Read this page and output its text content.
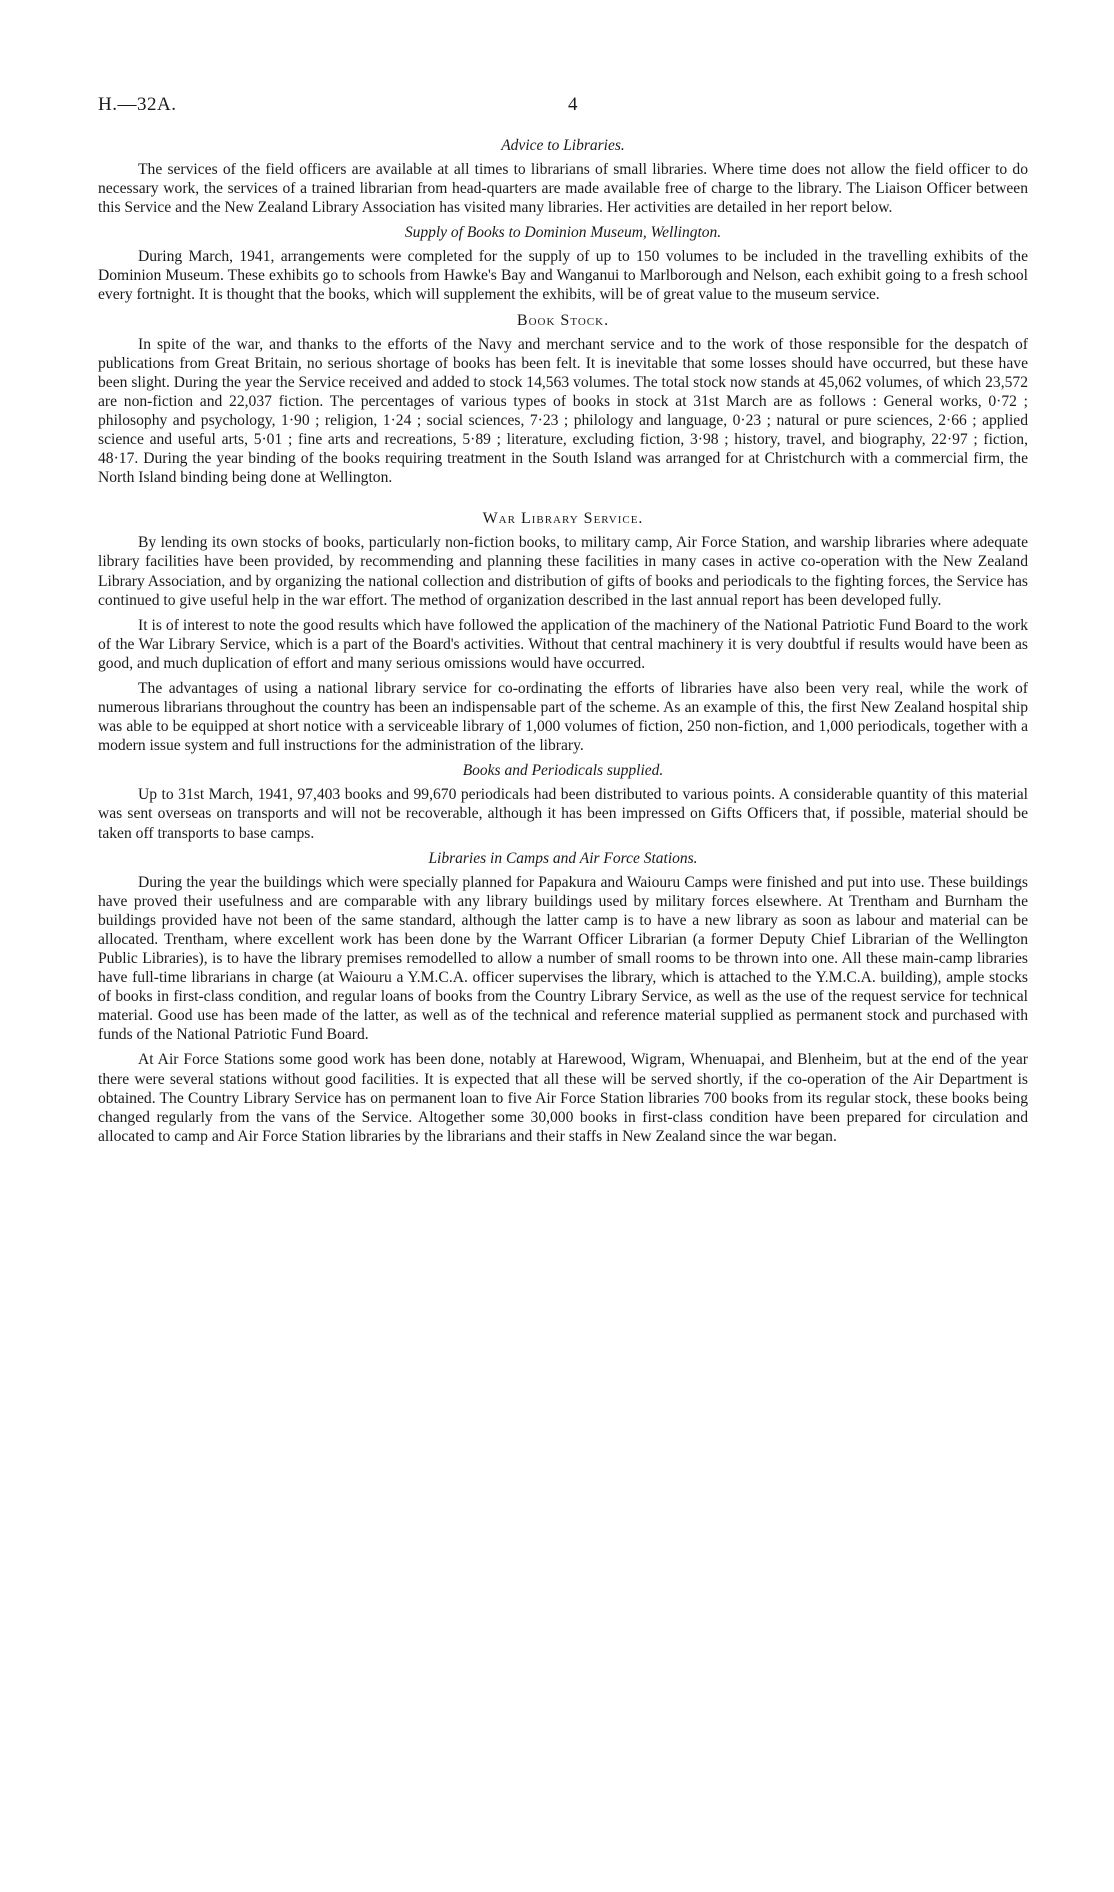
H.—32A.	4
Advice to Libraries.

The services of the field officers are available at all times to librarians of small libraries. Where time does not allow the field officer to do necessary work, the services of a trained librarian from head-quarters are made available free of charge to the library. The Liaison Officer between this Service and the New Zealand Library Association has visited many libraries. Her activities are detailed in her report below.

Supply of Books to Dominion Museum, Wellington.

During March, 1941, arrangements were completed for the supply of up to 150 volumes to be included in the travelling exhibits of the Dominion Museum. These exhibits go to schools from Hawke's Bay and Wanganui to Marlborough and Nelson, each exhibit going to a fresh school every fortnight. It is thought that the books, which will supplement the exhibits, will be of great value to the museum service.

Book Stock.

In spite of the war, and thanks to the efforts of the Navy and merchant service and to the work of those responsible for the despatch of publications from Great Britain, no serious shortage of books has been felt. It is inevitable that some losses should have occurred, but these have been slight. During the year the Service received and added to stock 14,563 volumes. The total stock now stands at 45,062 volumes, of which 23,572 are non-fiction and 22,037 fiction. The percentages of various types of books in stock at 31st March are as follows : General works, 0·72 ; philosophy and psychology, 1·90 ; religion, 1·24 ; social sciences, 7·23 ; philology and language, 0·23 ; natural or pure sciences, 2·66 ; applied science and useful arts, 5·01 ; fine arts and recreations, 5·89 ; literature, excluding fiction, 3·98 ; history, travel, and biography, 22·97 ; fiction, 48·17. During the year binding of the books requiring treatment in the South Island was arranged for at Christchurch with a commercial firm, the North Island binding being done at Wellington.

War Library Service.

By lending its own stocks of books, particularly non-fiction books, to military camp, Air Force Station, and warship libraries where adequate library facilities have been provided, by recommending and planning these facilities in many cases in active co-operation with the New Zealand Library Association, and by organizing the national collection and distribution of gifts of books and periodicals to the fighting forces, the Service has continued to give useful help in the war effort. The method of organization described in the last annual report has been developed fully.

It is of interest to note the good results which have followed the application of the machinery of the National Patriotic Fund Board to the work of the War Library Service, which is a part of the Board's activities. Without that central machinery it is very doubtful if results would have been as good, and much duplication of effort and many serious omissions would have occurred.

The advantages of using a national library service for co-ordinating the efforts of libraries have also been very real, while the work of numerous librarians throughout the country has been an indispensable part of the scheme. As an example of this, the first New Zealand hospital ship was able to be equipped at short notice with a serviceable library of 1,000 volumes of fiction, 250 non-fiction, and 1,000 periodicals, together with a modern issue system and full instructions for the administration of the library.

Books and Periodicals supplied.

Up to 31st March, 1941, 97,403 books and 99,670 periodicals had been distributed to various points. A considerable quantity of this material was sent overseas on transports and will not be recoverable, although it has been impressed on Gifts Officers that, if possible, material should be taken off transports to base camps.

Libraries in Camps and Air Force Stations.

During the year the buildings which were specially planned for Papakura and Waiouru Camps were finished and put into use. These buildings have proved their usefulness and are comparable with any library buildings used by military forces elsewhere. At Trentham and Burnham the buildings provided have not been of the same standard, although the latter camp is to have a new library as soon as labour and material can be allocated. Trentham, where excellent work has been done by the Warrant Officer Librarian (a former Deputy Chief Librarian of the Wellington Public Libraries), is to have the library premises remodelled to allow a number of small rooms to be thrown into one. All these main-camp libraries have full-time librarians in charge (at Waiouru a Y.M.C.A. officer supervises the library, which is attached to the Y.M.C.A. building), ample stocks of books in first-class condition, and regular loans of books from the Country Library Service, as well as the use of the request service for technical material. Good use has been made of the latter, as well as of the technical and reference material supplied as permanent stock and purchased with funds of the National Patriotic Fund Board.

At Air Force Stations some good work has been done, notably at Harewood, Wigram, Whenuapai, and Blenheim, but at the end of the year there were several stations without good facilities. It is expected that all these will be served shortly, if the co-operation of the Air Department is obtained. The Country Library Service has on permanent loan to five Air Force Station libraries 700 books from its regular stock, these books being changed regularly from the vans of the Service. Altogether some 30,000 books in first-class condition have been prepared for circulation and allocated to camp and Air Force Station libraries by the librarians and their staffs in New Zealand since the war began.
